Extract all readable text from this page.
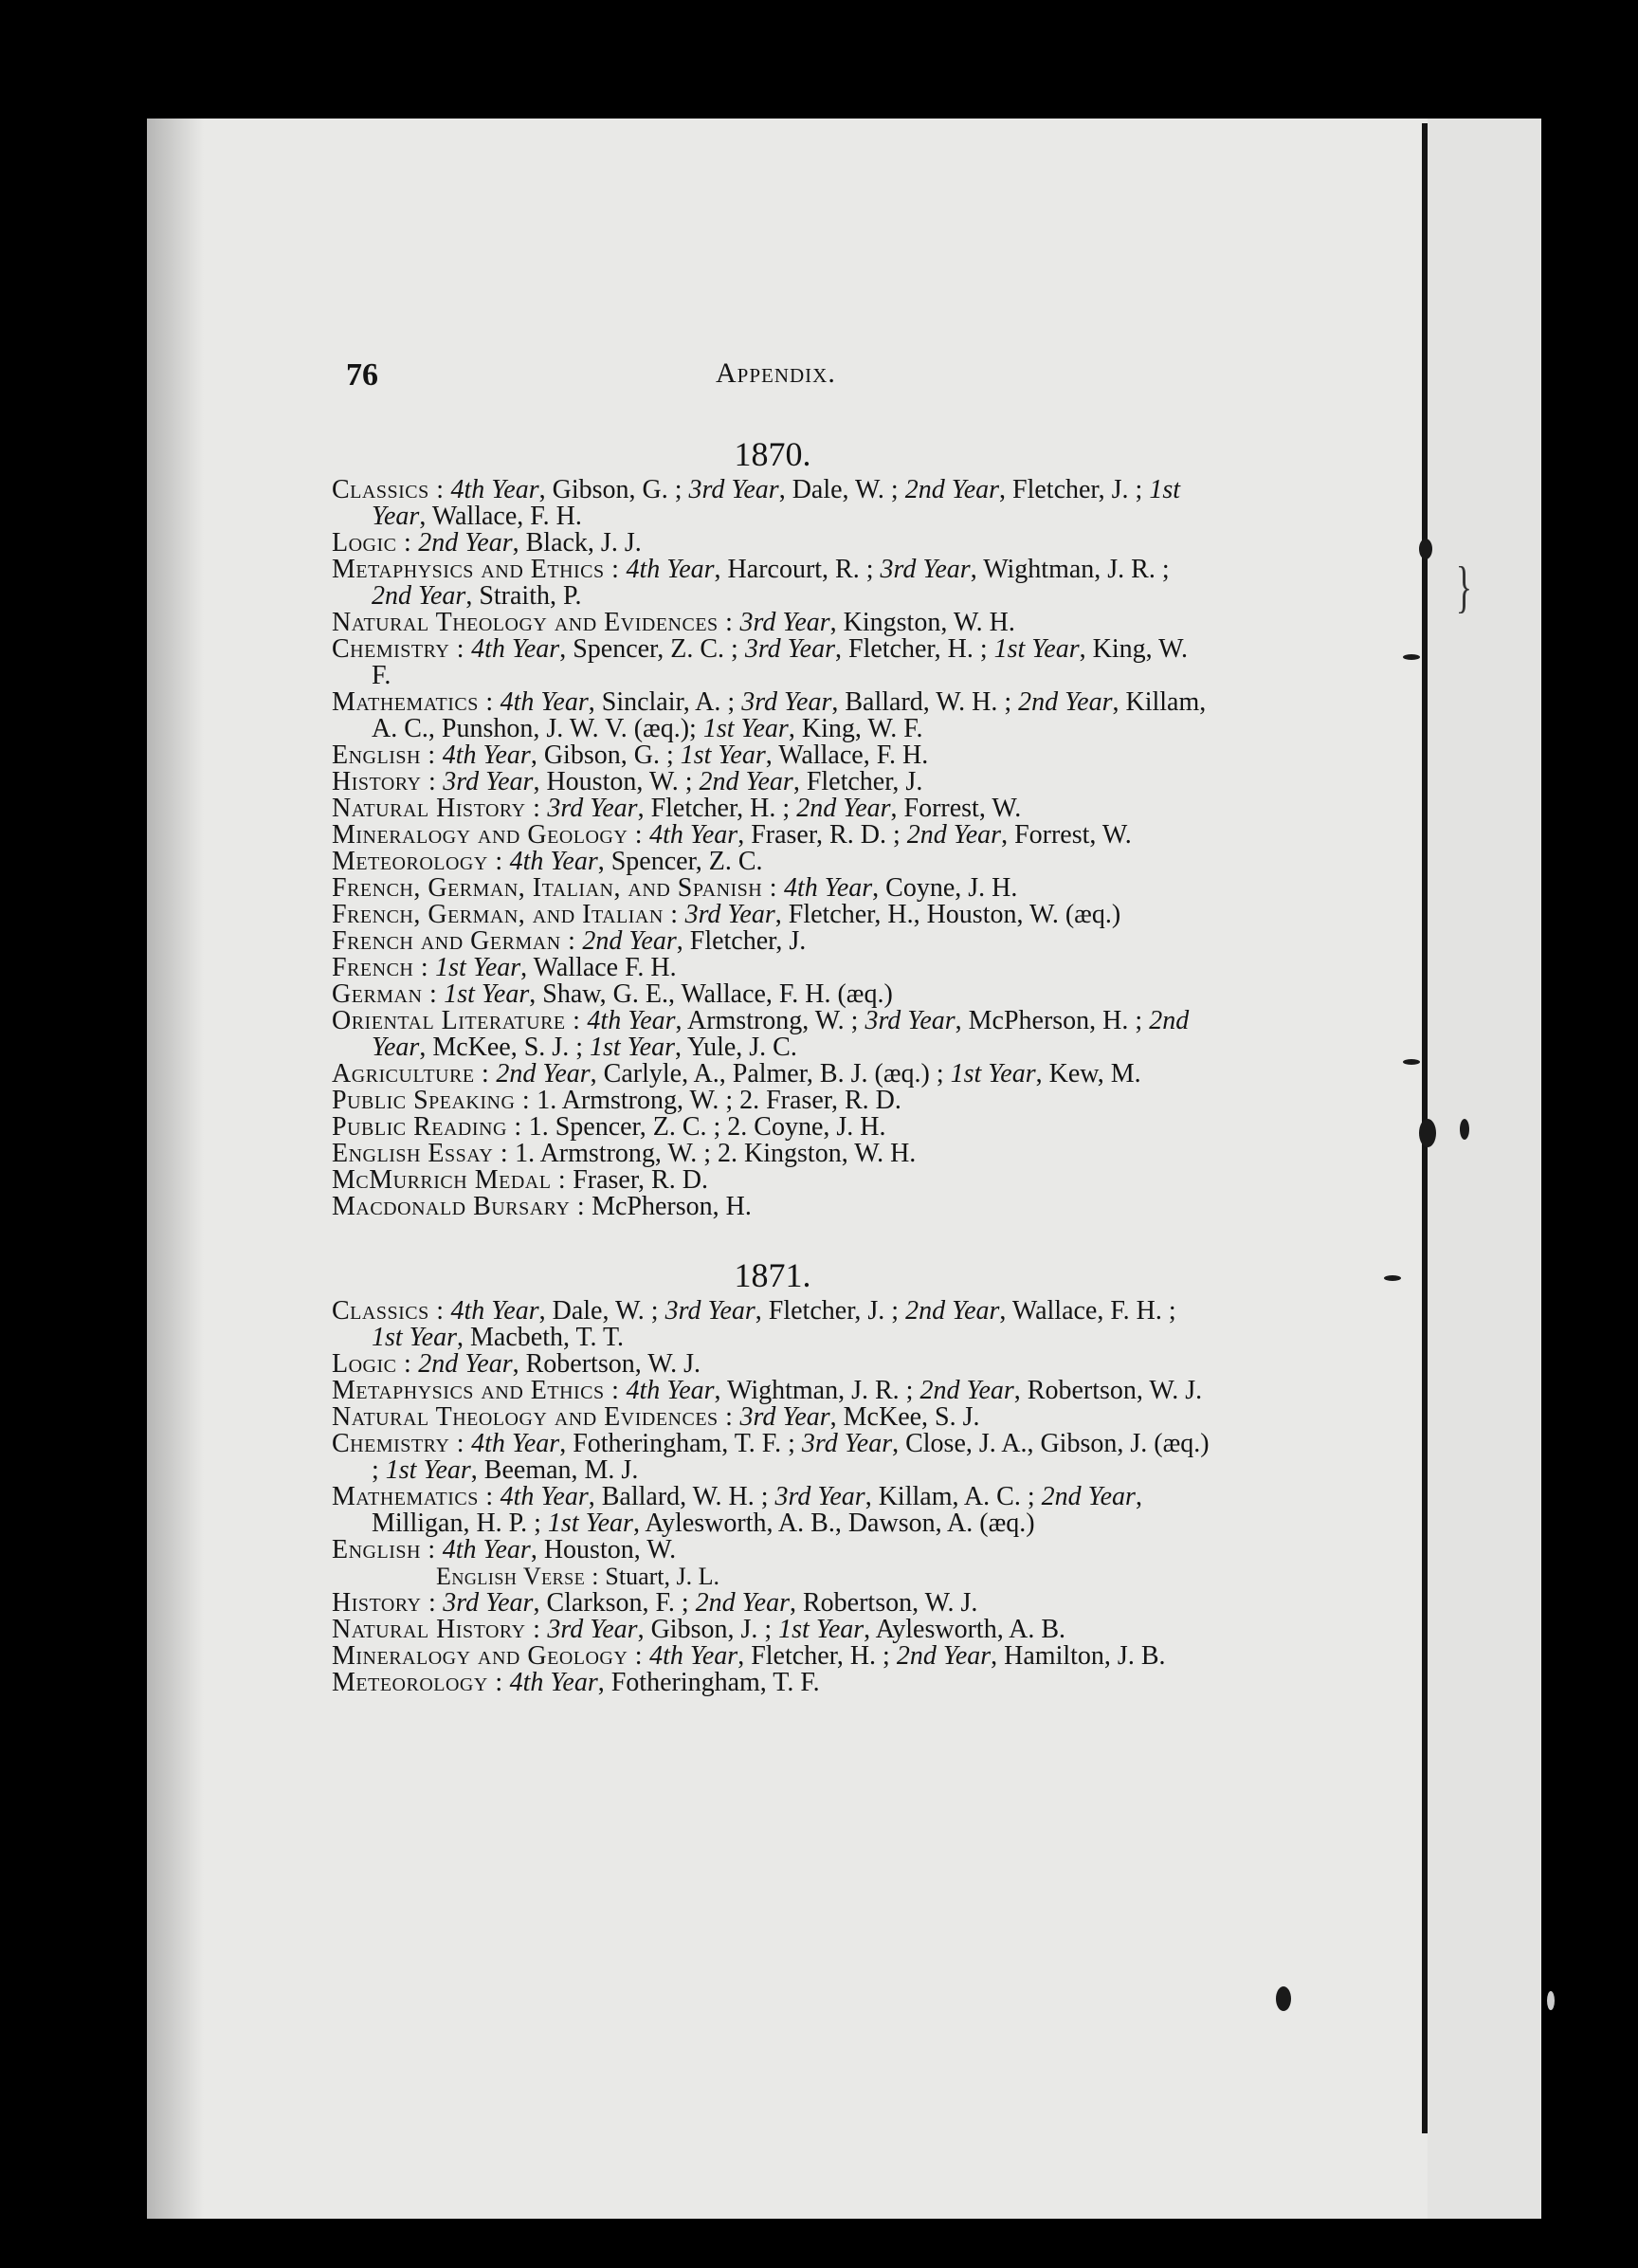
}
76	Appendix.

1870.

Classics : 4th Year, Gibson, G. ; 3rd Year, Dale, W. ; 2nd Year, Fletcher, J. ; 1st Year, Wallace, F. H.

Logic : 2nd Year, Black, J. J.

Metaphysics and Ethics : 4th Year, Harcourt, R. ; 3rd Year, Wightman, J. R. ; 2nd Year, Straith, P.

Natural Theology and Evidences : 3rd Year, Kingston, W. H.

Chemistry : 4th Year, Spencer, Z. C. ; 3rd Year, Fletcher, H. ; 1st Year, King, W. F.

Mathematics : 4th Year, Sinclair, A. ; 3rd Year, Ballard, W. H. ; 2nd Year, Killam, A. C., Punshon, J. W. V. (æq.); 1st Year, King, W. F.

English : 4th Year, Gibson, G. ; 1st Year, Wallace, F. H.

History : 3rd Year, Houston, W. ; 2nd Year, Fletcher, J.

Natural History : 3rd Year, Fletcher, H. ; 2nd Year, Forrest, W.

Mineralogy and Geology : 4th Year, Fraser, R. D. ; 2nd Year, Forrest, W.

Meteorology : 4th Year, Spencer, Z. C.

French, German, Italian, and Spanish : 4th Year, Coyne, J. H.

French, German, and Italian : 3rd Year, Fletcher, H., Houston, W. (æq.)

French and German : 2nd Year, Fletcher, J.

French : 1st Year, Wallace F. H.

German : 1st Year, Shaw, G. E., Wallace, F. H. (æq.)

Oriental Literature : 4th Year, Armstrong, W. ; 3rd Year, McPherson, H. ; 2nd Year, McKee, S. J. ; 1st Year, Yule, J. C.

Agriculture : 2nd Year, Carlyle, A., Palmer, B. J. (æq.) ; 1st Year, Kew, M.

Public Speaking : 1. Armstrong, W. ; 2. Fraser, R. D.

Public Reading : 1. Spencer, Z. C. ; 2. Coyne, J. H.

English Essay : 1. Armstrong, W. ; 2. Kingston, W. H.

McMurrich Medal : Fraser, R. D.

Macdonald Bursary : McPherson, H.

1871.

Classics : 4th Year, Dale, W. ; 3rd Year, Fletcher, J. ; 2nd Year, Wallace, F. H. ; 1st Year, Macbeth, T. T.

Logic : 2nd Year, Robertson, W. J.

Metaphysics and Ethics : 4th Year, Wightman, J. R. ; 2nd Year, Robertson, W. J.

Natural Theology and Evidences : 3rd Year, McKee, S. J.

Chemistry : 4th Year, Fotheringham, T. F. ; 3rd Year, Close, J. A., Gibson, J. (æq.) ; 1st Year, Beeman, M. J.

Mathematics : 4th Year, Ballard, W. H. ; 3rd Year, Killam, A. C. ; 2nd Year, Milligan, H. P. ; 1st Year, Aylesworth, A. B., Dawson, A. (æq.)

English : 4th Year, Houston, W.

English Verse : Stuart, J. L.

History : 3rd Year, Clarkson, F. ; 2nd Year, Robertson, W. J.

Natural History : 3rd Year, Gibson, J. ; 1st Year, Aylesworth, A. B.

Mineralogy and Geology : 4th Year, Fletcher, H. ; 2nd Year, Hamilton, J. B.

Meteorology : 4th Year, Fotheringham, T. F.
